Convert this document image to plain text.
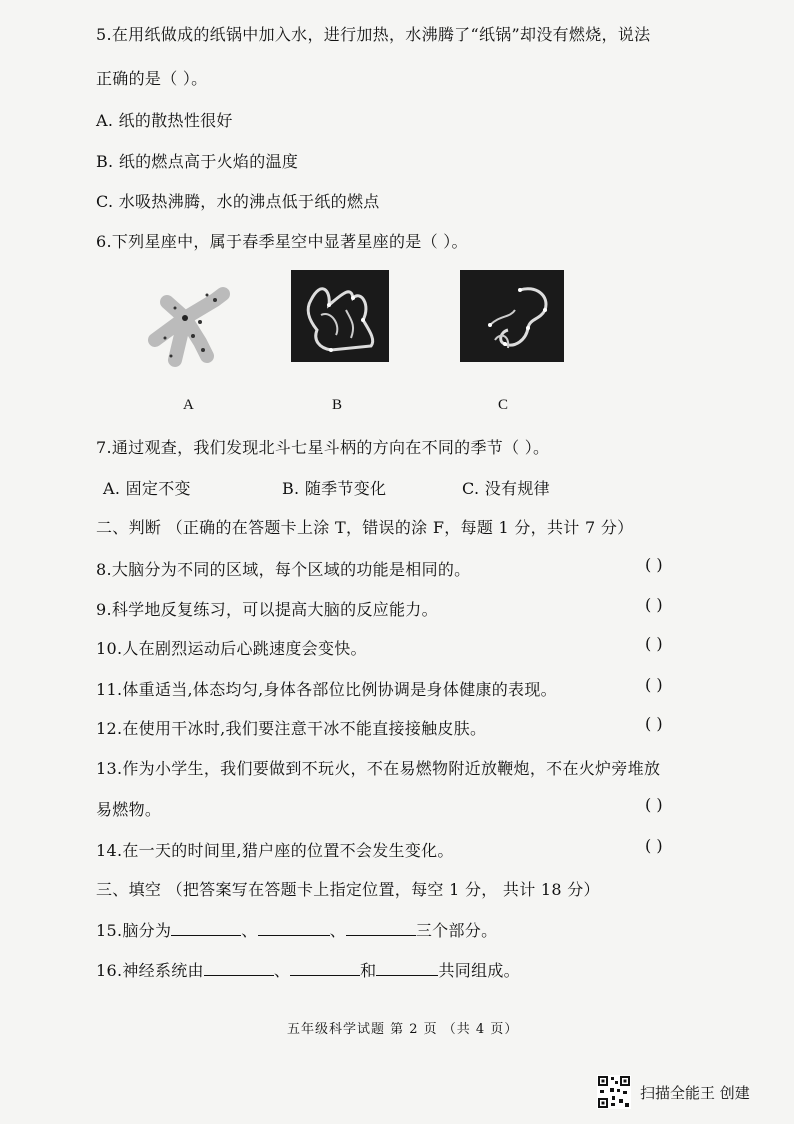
5.在用纸做成的纸锅中加入水，进行加热，水沸腾了“纸锅”却没有燃烧，说法
正确的是（ ）。
A. 纸的散热性很好
B. 纸的燃点高于火焰的温度
C. 水吸热沸腾，水的沸点低于纸的燃点
6.下列星座中，属于春季星空中显著星座的是（ ）。
A	B	C
7.通过观查，我们发现北斗七星斗柄的方向在不同的季节（ ）。
A. 固定不变	B. 随季节变化	C. 没有规律
二、判断 （正确的在答题卡上涂 T，错误的涂 F，每题 1 分，共计 7 分）
8.大脑分为不同的区域，每个区域的功能是相同的。	( )
9.科学地反复练习，可以提高大脑的反应能力。	( )
10.人在剧烈运动后心跳速度会变快。	( )
11.体重适当,体态均匀,身体各部位比例协调是身体健康的表现。	( )
12.在使用干冰时,我们要注意干冰不能直接接触皮肤。	( )
13.作为小学生，我们要做到不玩火，不在易燃物附近放鞭炮，不在火炉旁堆放
易燃物。	( )
14.在一天的时间里,猎户座的位置不会发生变化。	( )
三、填空 （把答案写在答题卡上指定位置，每空 1 分， 共计 18 分）
15.脑分为	、	、	三个部分。
16.神经系统由	、	和	共同组成。
五年级科学试题 第 2 页 （共 4 页）
扫描全能王 创建
